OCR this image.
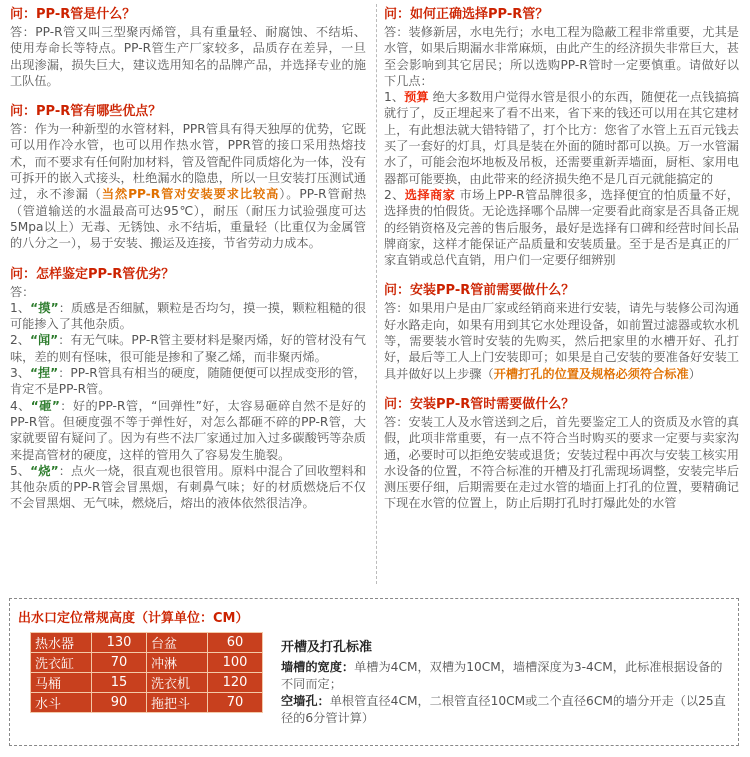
问：PP-R管是什么？

答：PP-R管又叫三型聚丙烯管，具有重量轻、耐腐蚀、不结垢、使用寿命长等特点。PP-R管生产厂家较多，品质存在差异，一旦出现渗漏，损失巨大，建议选用知名的品牌产品，并选择专业的施工队伍。

问：PP-R管有哪些优点？

答：作为一种新型的水管材料，PPR管具有得天独厚的优势，它既可以用作冷水管，也可以用作热水管，PPR管的接口采用热熔技术，而不要求有任何附加材料，管及管配件同质熔化为一体，没有可拆开的嵌入式接头，杜绝漏水的隐患，所以一旦安装打压测试通过，永不渗漏（当然PP-R管对安装要求比较高）。PP-R管耐热（管道输送的水温最高可达95℃），耐压（耐压力试验强度可达5Mpa以上）无毒、无锈蚀、永不结垢，重量轻（比重仅为金属管的八分之一），易于安装、搬运及连接，节省劳动力成本。

问：怎样鉴定PP-R管优劣？

答：

1、“摸”：质感是否细腻，颗粒是否均匀，摸一摸，颗粒粗糙的很可能掺入了其他杂质。

2、“闻”：有无气味。PP-R管主要材料是聚丙烯，好的管材没有气味，差的则有怪味，很可能是掺和了聚乙烯，而非聚丙烯。

3、“捏”：PP-R管具有相当的硬度，随随便便可以捏成变形的管，肯定不是PP-R管。

4、“砸”：好的PP-R管，“回弹性”好，太容易砸碎自然不是好的PP-R管。但硬度强不等于弹性好，对怎么都砸不碎的PP-R管，大家就要留有疑问了。因为有些不法厂家通过加入过多碳酸钙等杂质来提高管材的硬度，这样的管用久了容易发生脆裂。

5、“烧”：点火一烧，很直观也很管用。原料中混合了回收塑料和其他杂质的PP-R管会冒黑烟，有刺鼻气味；好的材质燃烧后不仅不会冒黑烟、无气味，燃烧后，熔出的液体依然很洁净。

问：如何正确选择PP-R管？

答：装修新居，水电先行；水电工程为隐蔽工程非常重要，尤其是水管，如果后期漏水非常麻烦，由此产生的经济损失非常巨大，甚至会影响到其它居民；所以选购PP-R管时一定要慎重。请做好以下几点：

1、预算 绝大多数用户觉得水管是很小的东西，随便花一点钱搞搞就行了，反正埋起来了看不出来，省下来的钱还可以用在其它建材上，有此想法就大错特错了，打个比方：您省了水管上五百元钱去买了一套好的灯具，灯具是装在外面的随时都可以换。万一水管漏水了，可能会泡坏地板及吊板，还需要重新弄墙面，厨柜、家用电器都可能要换，由此带来的经济损失绝不是几百元就能搞定的

2、选择商家 市场上PP-R管品牌很多，选择便宜的怕质量不好，选择贵的怕假货。无论选择哪个品牌一定要看此商家是否具备正规的经销资格及完善的售后服务，最好是选择有口碑和经营时间长品牌商家，这样才能保证产品质量和安装质量。至于是否是真正的厂家直销或总代直销，用户们一定要仔细辨别

问：安装PP-R管前需要做什么？

答：如果用户是由厂家或经销商来进行安装，请先与装修公司沟通好水路走向，如果有用到其它水处理设备，如前置过滤器或软水机等，需要装水管时安装的先购买，然后把家里的水槽开好、孔打好，最后等工人上门安装即可；如果是自己安装的要准备好安装工具并做好以上步骤（开槽打孔的位置及规格必须符合标准）

问：安装PP-R管时需要做什么？

答：安装工人及水管送到之后，首先要鉴定工人的资质及水管的真假，此项非常重要，有一点不符合当时购买的要求一定要与卖家沟通，必要时可以拒绝安装或退货；安装过程中再次与安装工核实用水设备的位置，不符合标准的开槽及打孔需现场调整，安装完毕后测压要仔细，后期需要在走过水管的墙面上打孔的位置，要精确记下现在水管的位置上，防止后期打孔时打爆此处的水管

出水口定位常规高度（计算单位：CM）
热水器	130	台盆	60
洗衣缸	70	冲淋	100
马桶	15	洗衣机	120
水斗	90	拖把斗	70
开槽及打孔标准
墙槽的宽度：单槽为4CM，双槽为10CM，墙槽深度为3-4CM，此标准根据设备的不同而定；
空墙孔：单根管直径4CM，二根管直径10CM或二个直径6CM的墙分开走（以25直径的6分管计算）
